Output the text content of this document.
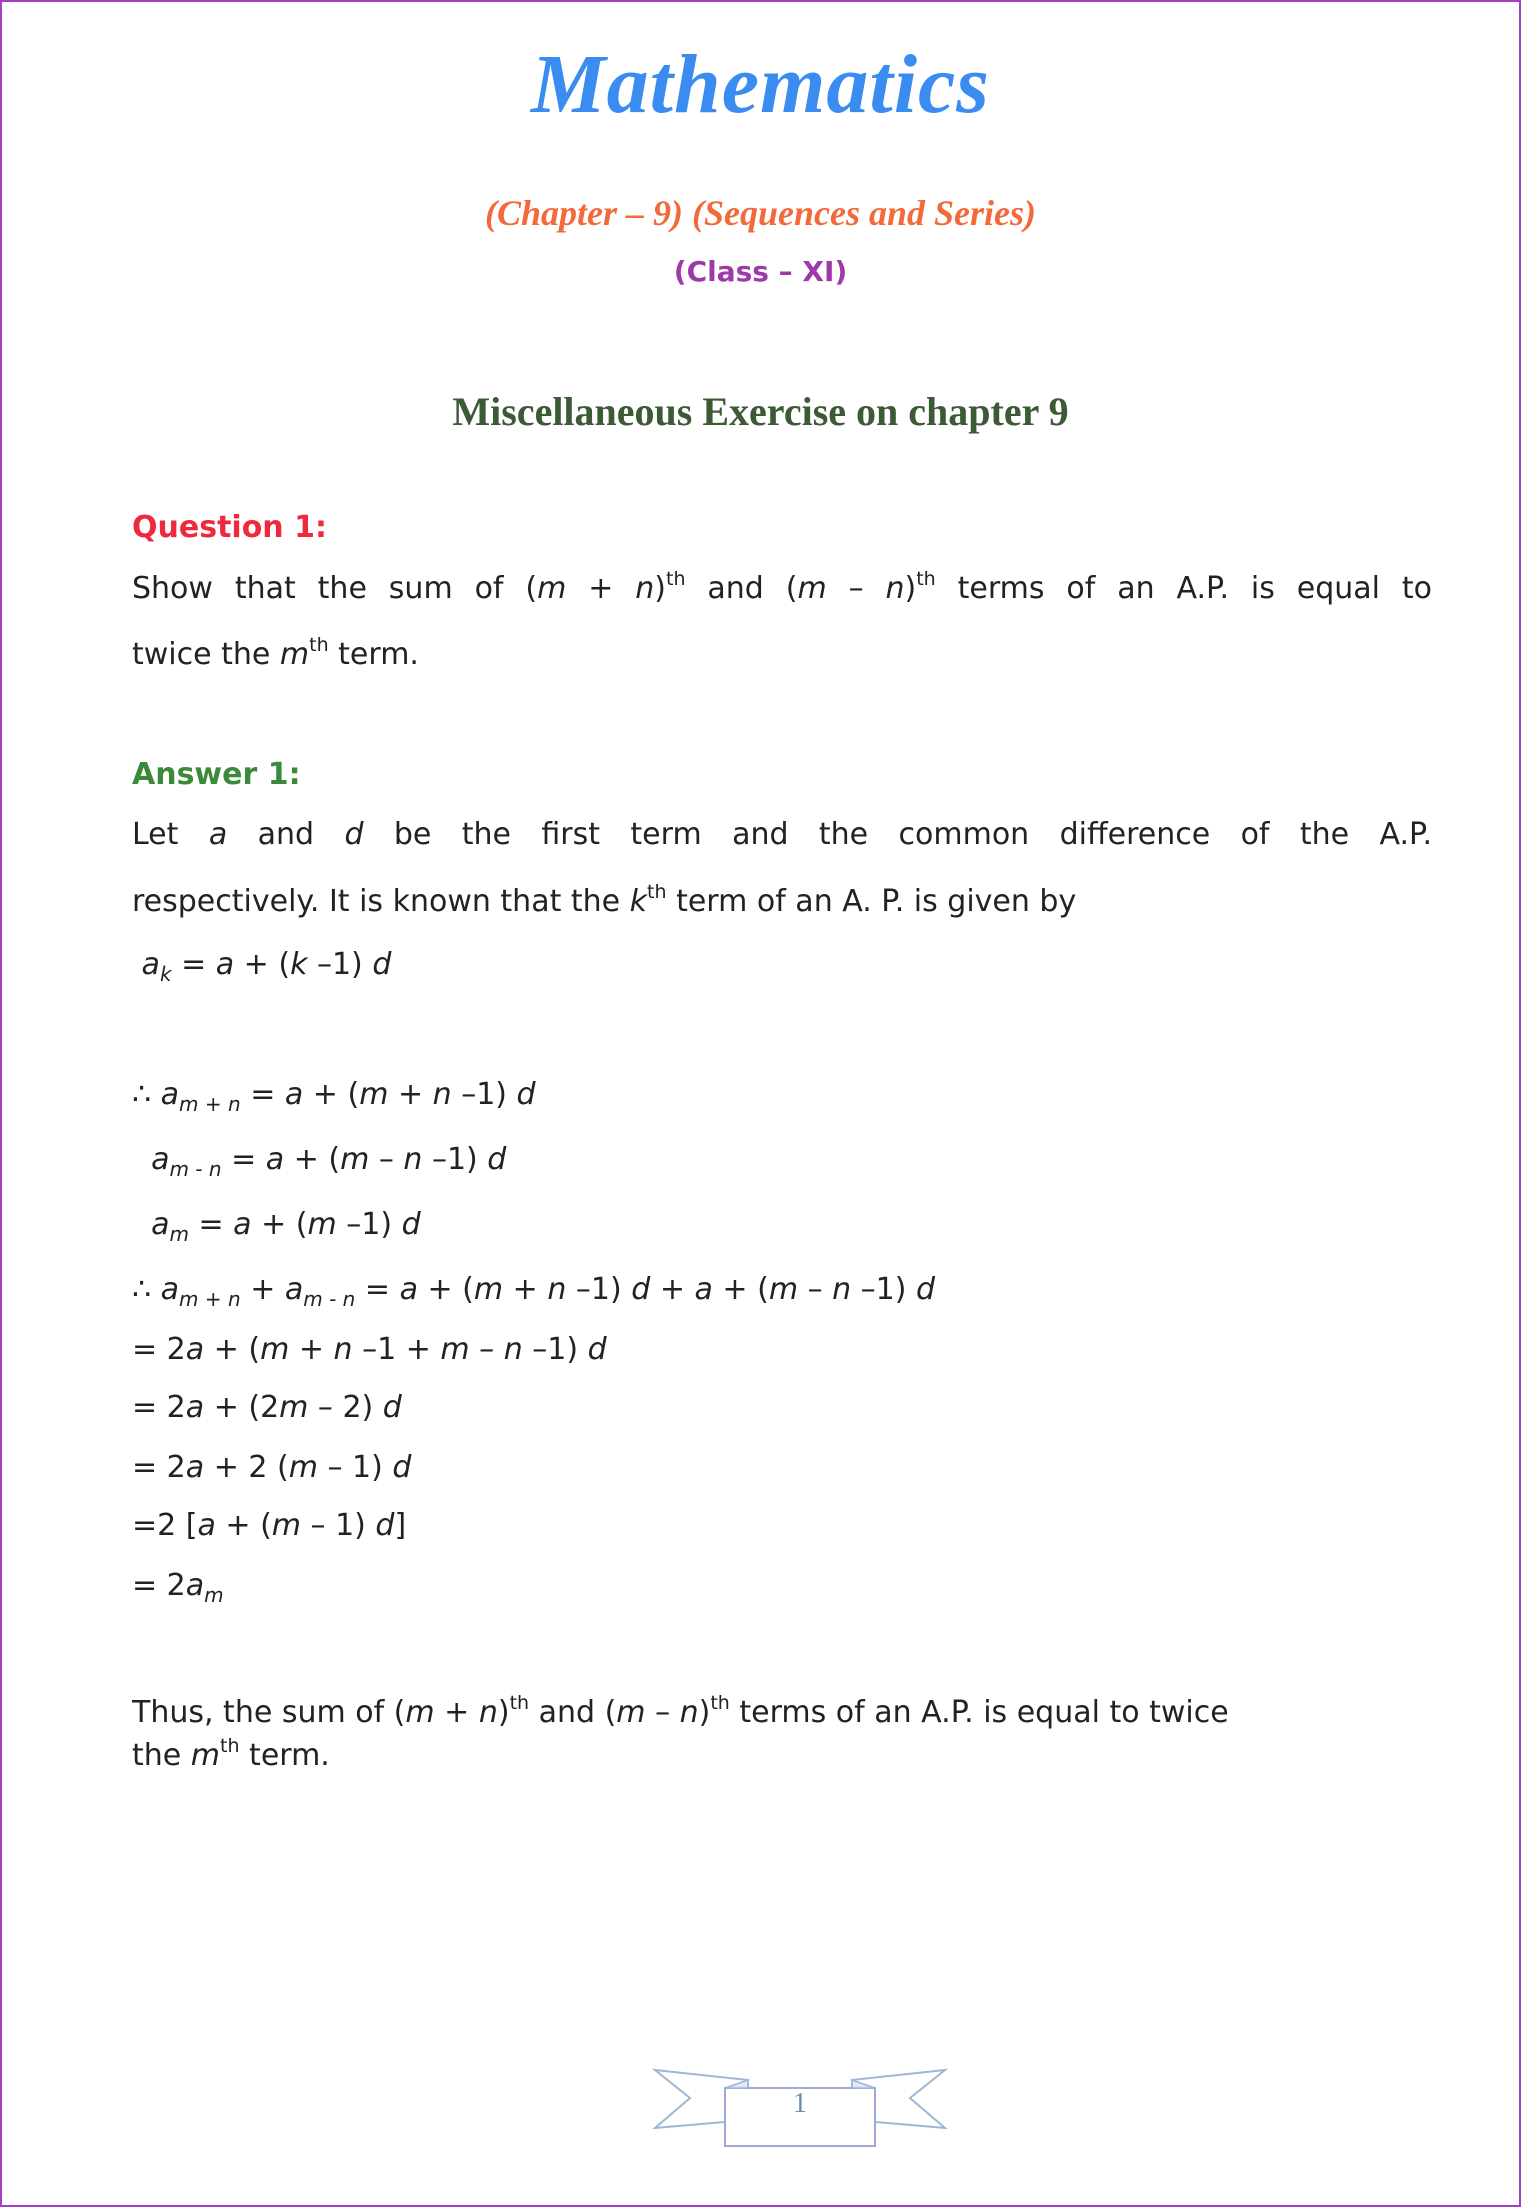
Mathematics
(Chapter – 9) (Sequences and Series)
(Class – XI)
Miscellaneous Exercise on chapter 9
Question 1:
Show that the sum of $(m + n)^{th}$ and (m – n)$^{th}$ terms of an A.P. is equal to
twice the $m^{th}$ term.
Answer 1:
Let a and d be the first term and the common difference of the A.P.
respectively. It is known that the $k^{th}$ term of an A. P. is given by
$a_k = a + (k$ –1) d
∴ $a_{m + n} = a + (m + n$ –1) d
$a_{m - n} = a + (m - n$ –1) d
$a_m = a + (m$ –1) d
∴ $a_{m + n} + a_{m - n} = a + (m + n$ –1) d + a + (m – n –1) d
= 2a + (m + n –1 + m – n –1) d
= 2a + (2m – 2) d
= 2a + 2 (m – 1) d
=2 [a + (m – 1) d]
= $2a_m$
Thus, the sum of $(m + n)^{th}$ and (m – n)$^{th}$ terms of an A.P. is equal to twice
the $m^{th}$ term.
1
